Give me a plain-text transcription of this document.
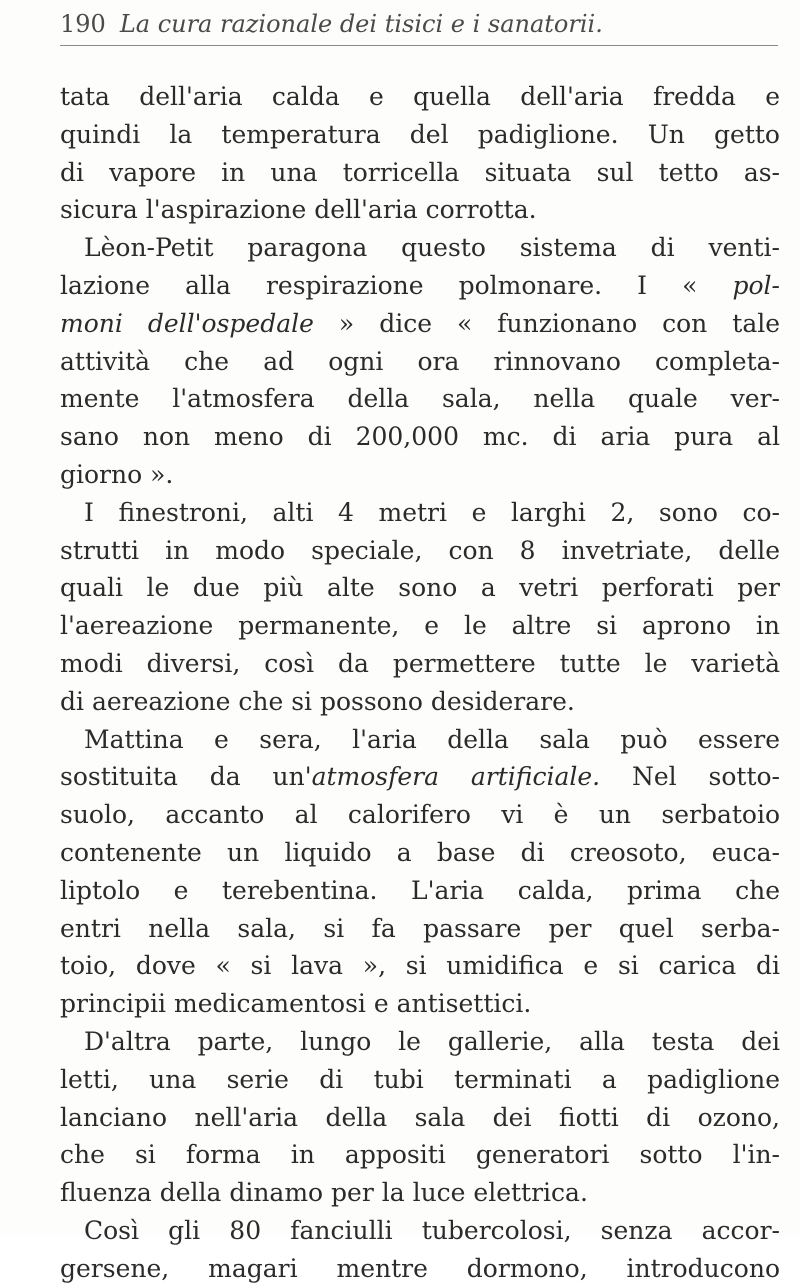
190 La cura razionale dei tisici e i sanatorii.
tata dell'aria calda e quella dell'aria fredda e
quindi la temperatura del padiglione. Un getto
di vapore in una torricella situata sul tetto as-
sicura l'aspirazione dell'aria corrotta.
Lèon-Petit paragona questo sistema di venti-
lazione alla respirazione polmonare. I « pol-
moni dell'ospedale » dice « funzionano con tale
attività che ad ogni ora rinnovano completa-
mente l'atmosfera della sala, nella quale ver-
sano non meno di 200,000 mc. di aria pura al
giorno ».
I finestroni, alti 4 metri e larghi 2, sono co-
strutti in modo speciale, con 8 invetriate, delle
quali le due più alte sono a vetri perforati per
l'aereazione permanente, e le altre si aprono in
modi diversi, così da permettere tutte le varietà
di aereazione che si possono desiderare.
Mattina e sera, l'aria della sala può essere
sostituita da un'atmosfera artificiale. Nel sotto-
suolo, accanto al calorifero vi è un serbatoio
contenente un liquido a base di creosoto, euca-
liptolo e terebentina. L'aria calda, prima che
entri nella sala, si fa passare per quel serba-
toio, dove « si lava », si umidifica e si carica di
principii medicamentosi e antisettici.
D'altra parte, lungo le gallerie, alla testa dei
letti, una serie di tubi terminati a padiglione
lanciano nell'aria della sala dei fiotti di ozono,
che si forma in appositi generatori sotto l'in-
fluenza della dinamo per la luce elettrica.
Così gli 80 fanciulli tubercolosi, senza accor-
gersene, magari mentre dormono, introducono
